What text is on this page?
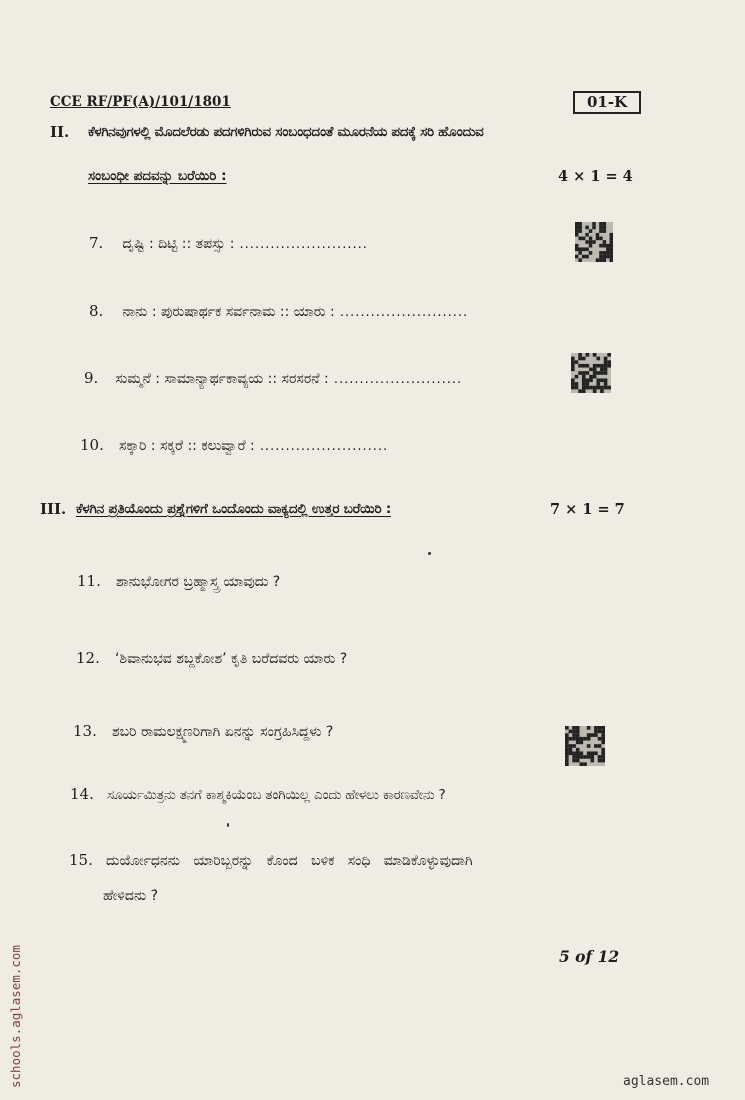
CCE RF/PF(A)/101/1801	01-K
II. ಕೆಳಗಿನವುಗಳಲ್ಲಿ ಮೊದಲೆರಡು ಪದಗಳಿಗಿರುವ ಸಂಬಂಧದಂತೆ ಮೂರನೆಯ ಪದಕ್ಕೆ ಸರಿ ಹೊಂದುವ
ಸಂಬಂಧೀ ಪದವನ್ನು ಬರೆಯಿರಿ :	4 × 1 = 4
7. ದೃಷ್ಟಿ : ದಿಟ್ಟಿ :: ತಪಸ್ಸು : .........................
8. ನಾನು : ಪುರುಷಾರ್ಥಕ ಸರ್ವನಾಮ :: ಯಾರು : .........................
9. ಸುಮ್ಮನೆ : ಸಾಮಾನ್ಯಾರ್ಥಕಾವ್ಯಯ :: ಸರಸರನೆ : .........................
10. ಸಕ್ಕಾರಿ : ಸಕ್ಕರೆ :: ಕಲುವ್ವಾರೆ : .........................
III. ಕೆಳಗಿನ ಪ್ರತಿಯೊಂದು ಪ್ರಶ್ನೆಗಳಿಗೆ ಒಂದೊಂದು ವಾಕ್ಯದಲ್ಲಿ ಉತ್ತರ ಬರೆಯಿರಿ :	7 × 1 = 7
11. ಶಾನುಭೋಗರ ಬ್ರಹ್ಮಾಸ್ತ್ರ ಯಾವುದು ?
12. ‘ಶಿವಾನುಭವ ಶಬ್ದಕೋಶ’ ಕೃತಿ ಬರೆದವರು ಯಾರು ?
13. ಶಬರಿ ರಾಮಲಕ್ಷ್ಮಣರಿಗಾಗಿ ಏನನ್ನು ಸಂಗ್ರಹಿಸಿದ್ದಳು ?
14. ಸೂರ್ಯಮಿತ್ರನು ತನಗೆ ಕಾಶ್ಮಕಿಯೆಂಬ ತಂಗಿಯಿಲ್ಲ ಎಂದು ಹೇಳಲು ಕಾರಣವೇನು ?
15. ದುರ್ಯೋಧನನು   ಯಾರಿಬ್ಬರನ್ನು   ಕೊಂದ   ಬಳಿಕ   ಸಂಧಿ   ಮಾಡಿಕೊಳ್ಳುವುದಾಗಿ
ಹೇಳಿದನು ?
5 of 12
schools.aglasem.com	aglasem.com
